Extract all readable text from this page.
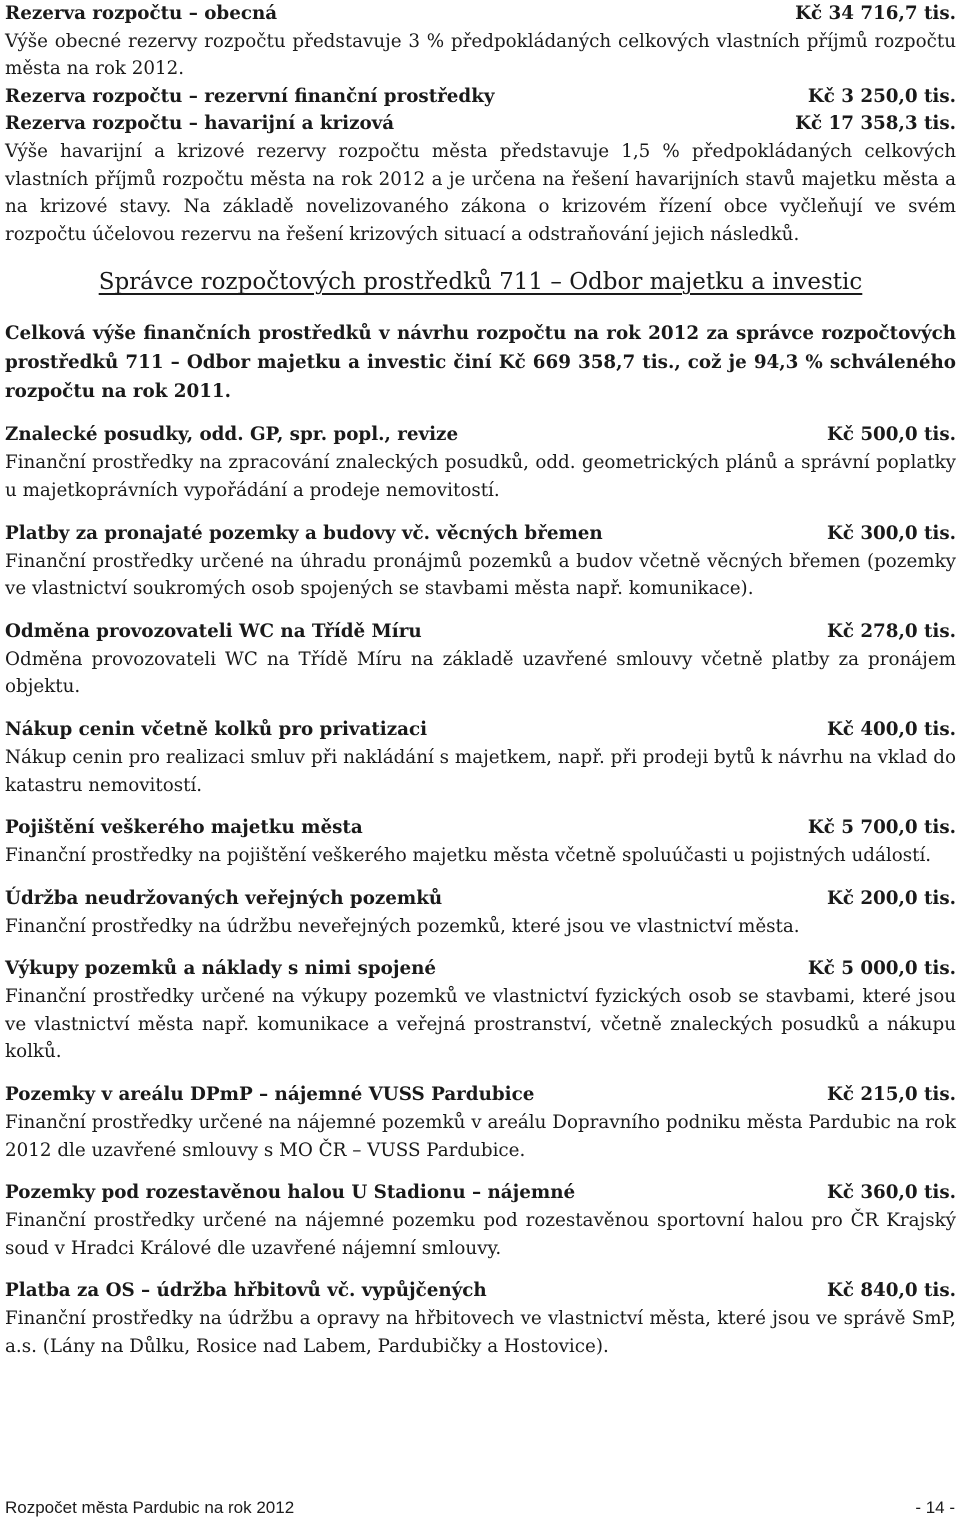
Rezerva rozpočtu – obecná	Kč 34 716,7 tis.
Výše obecné rezervy rozpočtu představuje 3 % předpokládaných celkových vlastních příjmů rozpočtu města na rok 2012.
Rezerva rozpočtu – rezervní finanční prostředky	Kč 3 250,0 tis.
Rezerva rozpočtu – havarijní a krizová	Kč 17 358,3 tis.
Výše havarijní a krizové rezervy rozpočtu města představuje 1,5 % předpokládaných celkových vlastních příjmů rozpočtu města na rok 2012 a je určena na řešení havarijních stavů majetku města a na krizové stavy. Na základě novelizovaného zákona o krizovém řízení obce vyčleňují ve svém rozpočtu účelovou rezervu na řešení krizových situací a odstraňování jejich následků.
Správce rozpočtových prostředků 711 – Odbor majetku a investic
Celková výše finančních prostředků v návrhu rozpočtu na rok 2012 za správce rozpočtových prostředků 711 – Odbor majetku a investic činí Kč 669 358,7 tis., což je 94,3 % schváleného rozpočtu na rok 2011.
Znalecké posudky, odd. GP, spr. popl., revize	Kč 500,0 tis.
Finanční prostředky na zpracování znaleckých posudků, odd. geometrických plánů a správní poplatky u majetkoprávních vypořádání a prodeje nemovitostí.
Platby za pronajaté pozemky a budovy vč. věcných břemen	Kč 300,0 tis.
Finanční prostředky určené na úhradu pronájmů pozemků a budov včetně věcných břemen (pozemky ve vlastnictví soukromých osob spojených se stavbami města např. komunikace).
Odměna provozovateli WC na Třídě Míru	Kč 278,0 tis.
Odměna provozovateli WC na Třídě Míru na základě uzavřené smlouvy včetně platby za pronájem objektu.
Nákup cenin včetně kolků pro privatizaci	Kč 400,0 tis.
Nákup cenin pro realizaci smluv při nakládání s majetkem, např. při prodeji bytů k návrhu na vklad do katastru nemovitostí.
Pojištění veškerého majetku města	Kč 5 700,0 tis.
Finanční prostředky na pojištění veškerého majetku města včetně spoluúčasti u pojistných událostí.
Údržba neudržovaných veřejných pozemků	Kč 200,0 tis.
Finanční prostředky na údržbu neveřejných pozemků, které jsou ve vlastnictví města.
Výkupy pozemků a náklady s nimi spojené	Kč 5 000,0 tis.
Finanční prostředky určené na výkupy pozemků ve vlastnictví fyzických osob se stavbami, které jsou ve vlastnictví města např. komunikace a veřejná prostranství, včetně znaleckých posudků a nákupu kolků.
Pozemky v areálu DPmP – nájemné VUSS Pardubice	Kč 215,0 tis.
Finanční prostředky určené na nájemné pozemků v areálu Dopravního podniku města Pardubic na rok 2012 dle uzavřené smlouvy s MO ČR – VUSS Pardubice.
Pozemky pod rozestavěnou halou U Stadionu – nájemné	Kč 360,0 tis.
Finanční prostředky určené na nájemné pozemku pod rozestavěnou sportovní halou pro ČR Krajský soud v Hradci Králové dle uzavřené nájemní smlouvy.
Platba za OS – údržba hřbitovů vč. vypůjčených	Kč 840,0 tis.
Finanční prostředky na údržbu a opravy na hřbitovech ve vlastnictví města, které jsou ve správě SmP, a.s. (Lány na Důlku, Rosice nad Labem, Pardubičky a Hostovice).
Rozpočet města Pardubic na rok 2012	- 14 -
